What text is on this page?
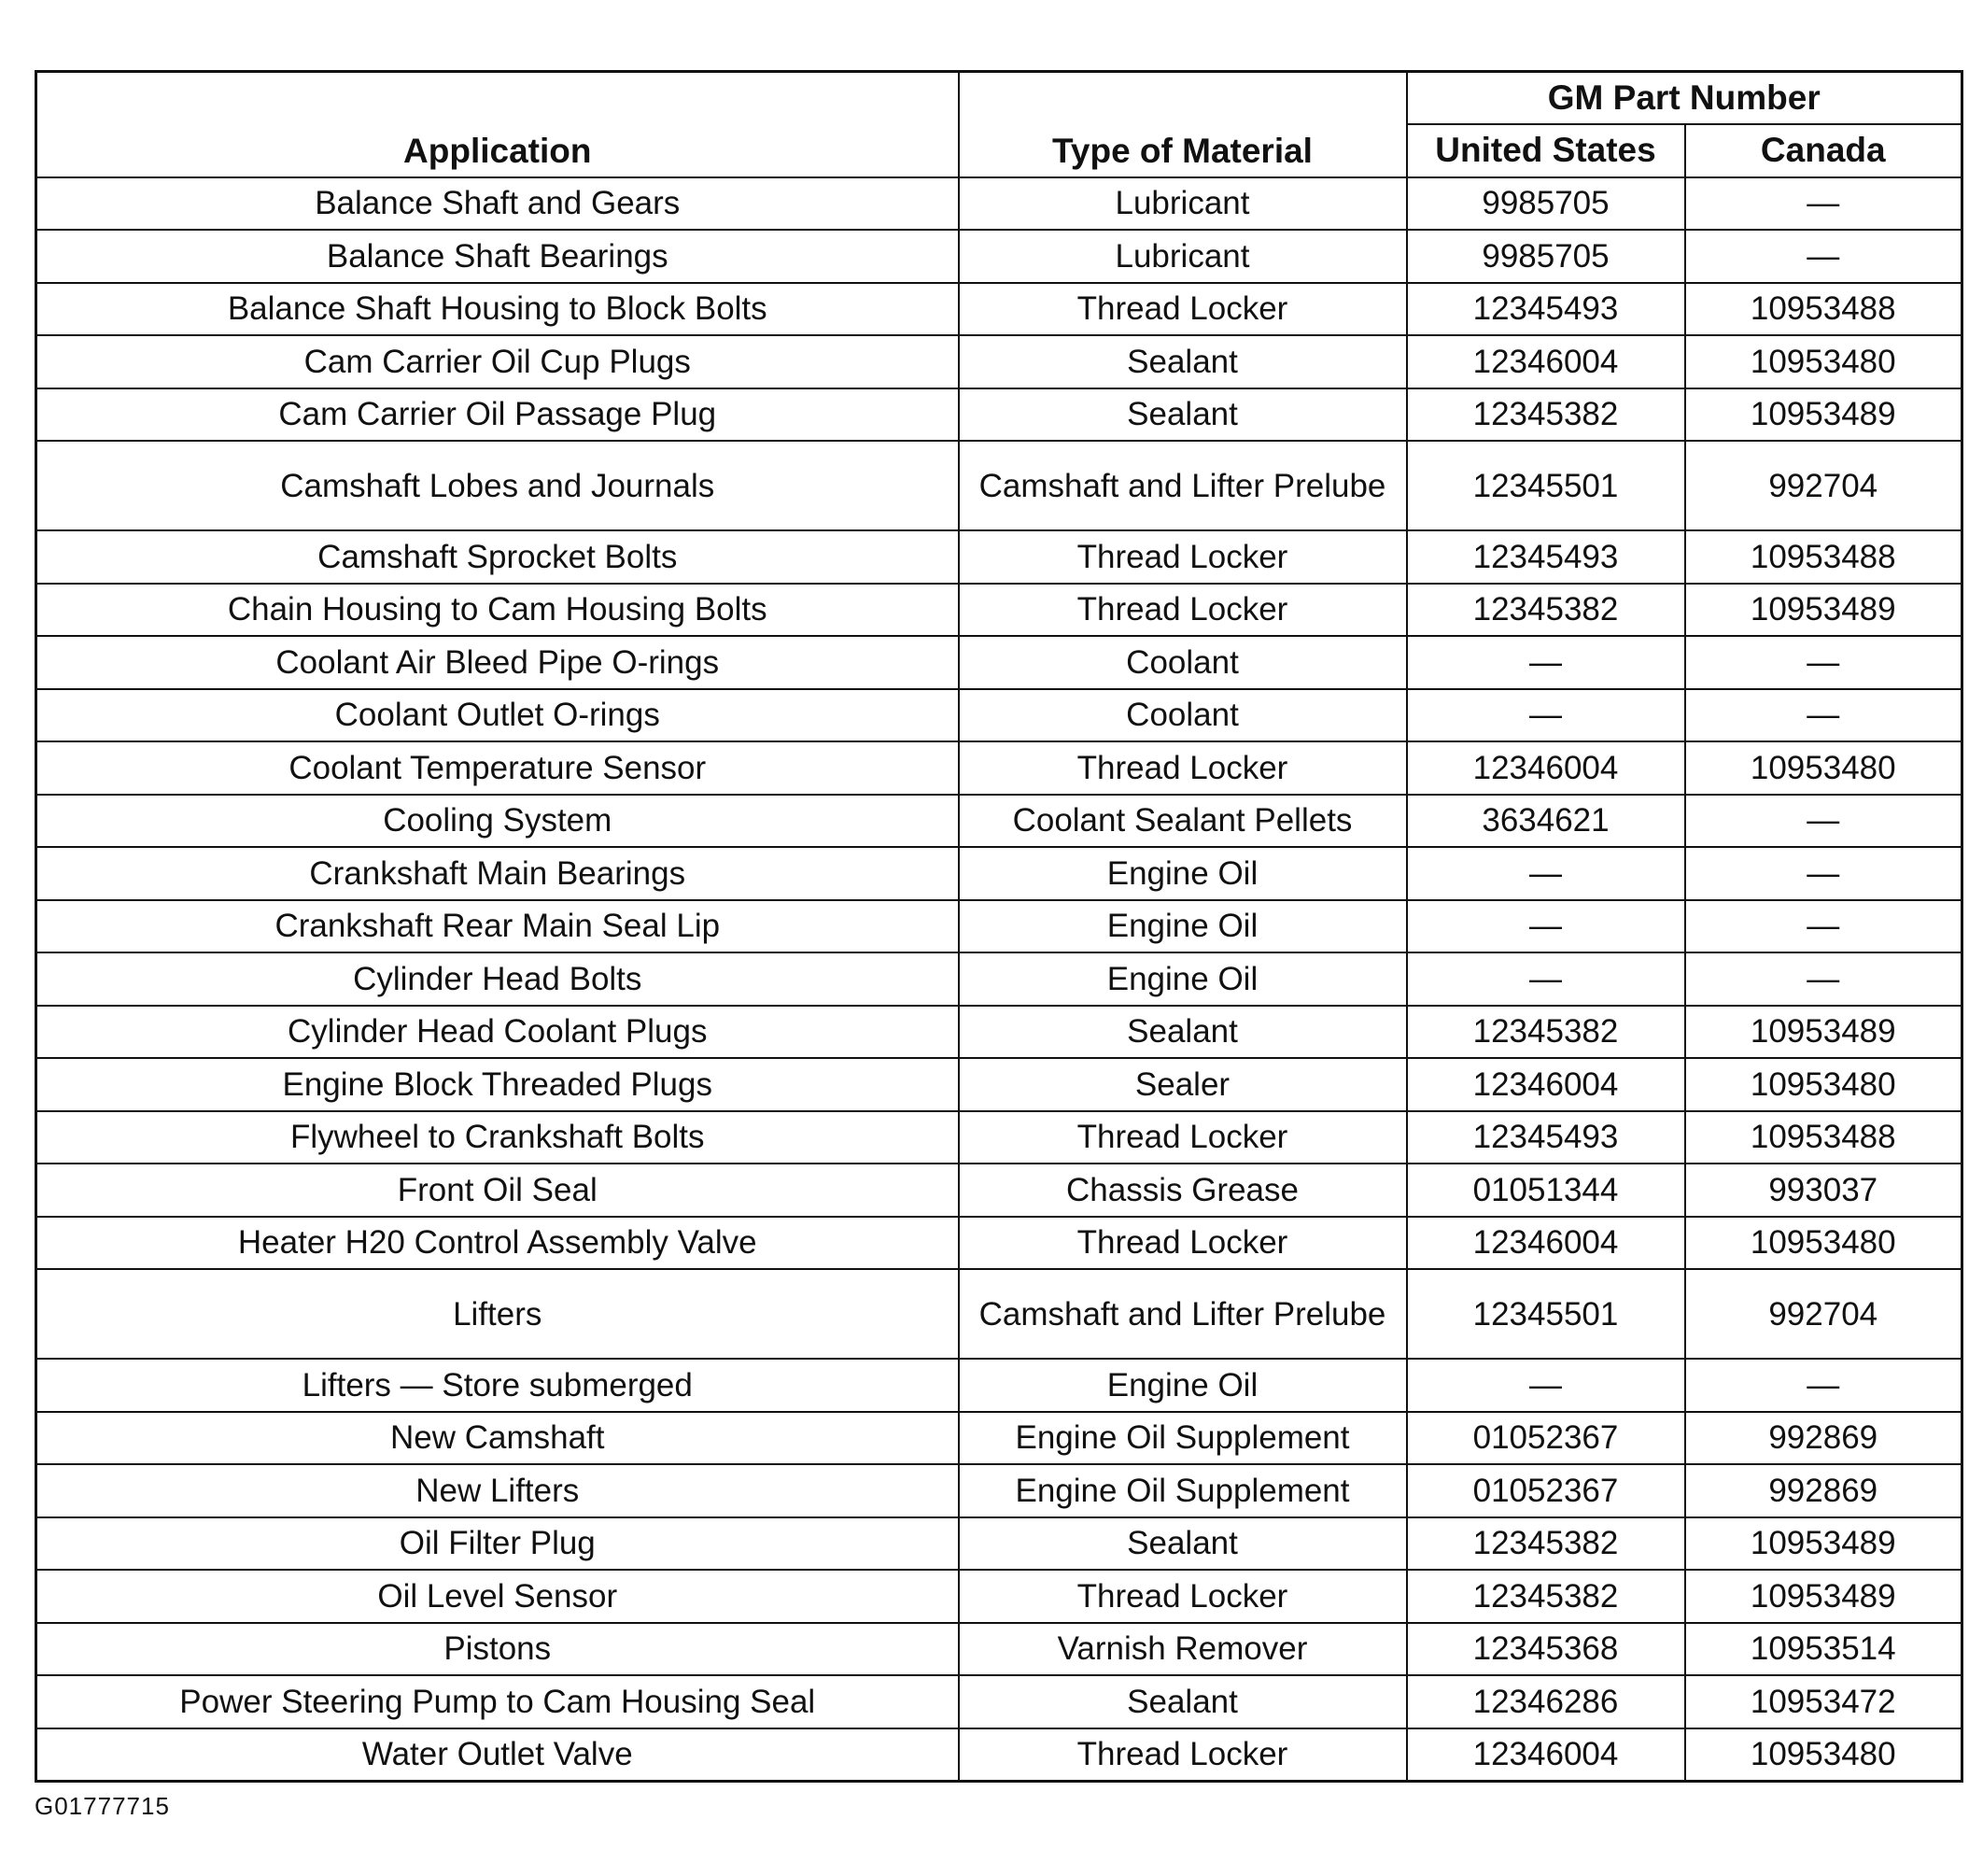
Application	Type of Material	GM Part Number	
		United States	Canada
Balance Shaft and Gears	Lubricant	9985705	—
Balance Shaft Bearings	Lubricant	9985705	—
Balance Shaft Housing to Block Bolts	Thread Locker	12345493	10953488
Cam Carrier Oil Cup Plugs	Sealant	12346004	10953480
Cam Carrier Oil Passage Plug	Sealant	12345382	10953489
Camshaft Lobes and Journals	Camshaft and Lifter Prelube	12345501	992704
Camshaft Sprocket Bolts	Thread Locker	12345493	10953488
Chain Housing to Cam Housing Bolts	Thread Locker	12345382	10953489
Coolant Air Bleed Pipe O-rings	Coolant	—	—
Coolant Outlet O-rings	Coolant	—	—
Coolant Temperature Sensor	Thread Locker	12346004	10953480
Cooling System	Coolant Sealant Pellets	3634621	—
Crankshaft Main Bearings	Engine Oil	—	—
Crankshaft Rear Main Seal Lip	Engine Oil	—	—
Cylinder Head Bolts	Engine Oil	—	—
Cylinder Head Coolant Plugs	Sealant	12345382	10953489
Engine Block Threaded Plugs	Sealer	12346004	10953480
Flywheel to Crankshaft Bolts	Thread Locker	12345493	10953488
Front Oil Seal	Chassis Grease	01051344	993037
Heater H20 Control Assembly Valve	Thread Locker	12346004	10953480
Lifters	Camshaft and Lifter Prelube	12345501	992704
Lifters — Store submerged	Engine Oil	—	—
New Camshaft	Engine Oil Supplement	01052367	992869
New Lifters	Engine Oil Supplement	01052367	992869
Oil Filter Plug	Sealant	12345382	10953489
Oil Level Sensor	Thread Locker	12345382	10953489
Pistons	Varnish Remover	12345368	10953514
Power Steering Pump to Cam Housing Seal	Sealant	12346286	10953472
Water Outlet Valve	Thread Locker	12346004	10953480
G01777715
